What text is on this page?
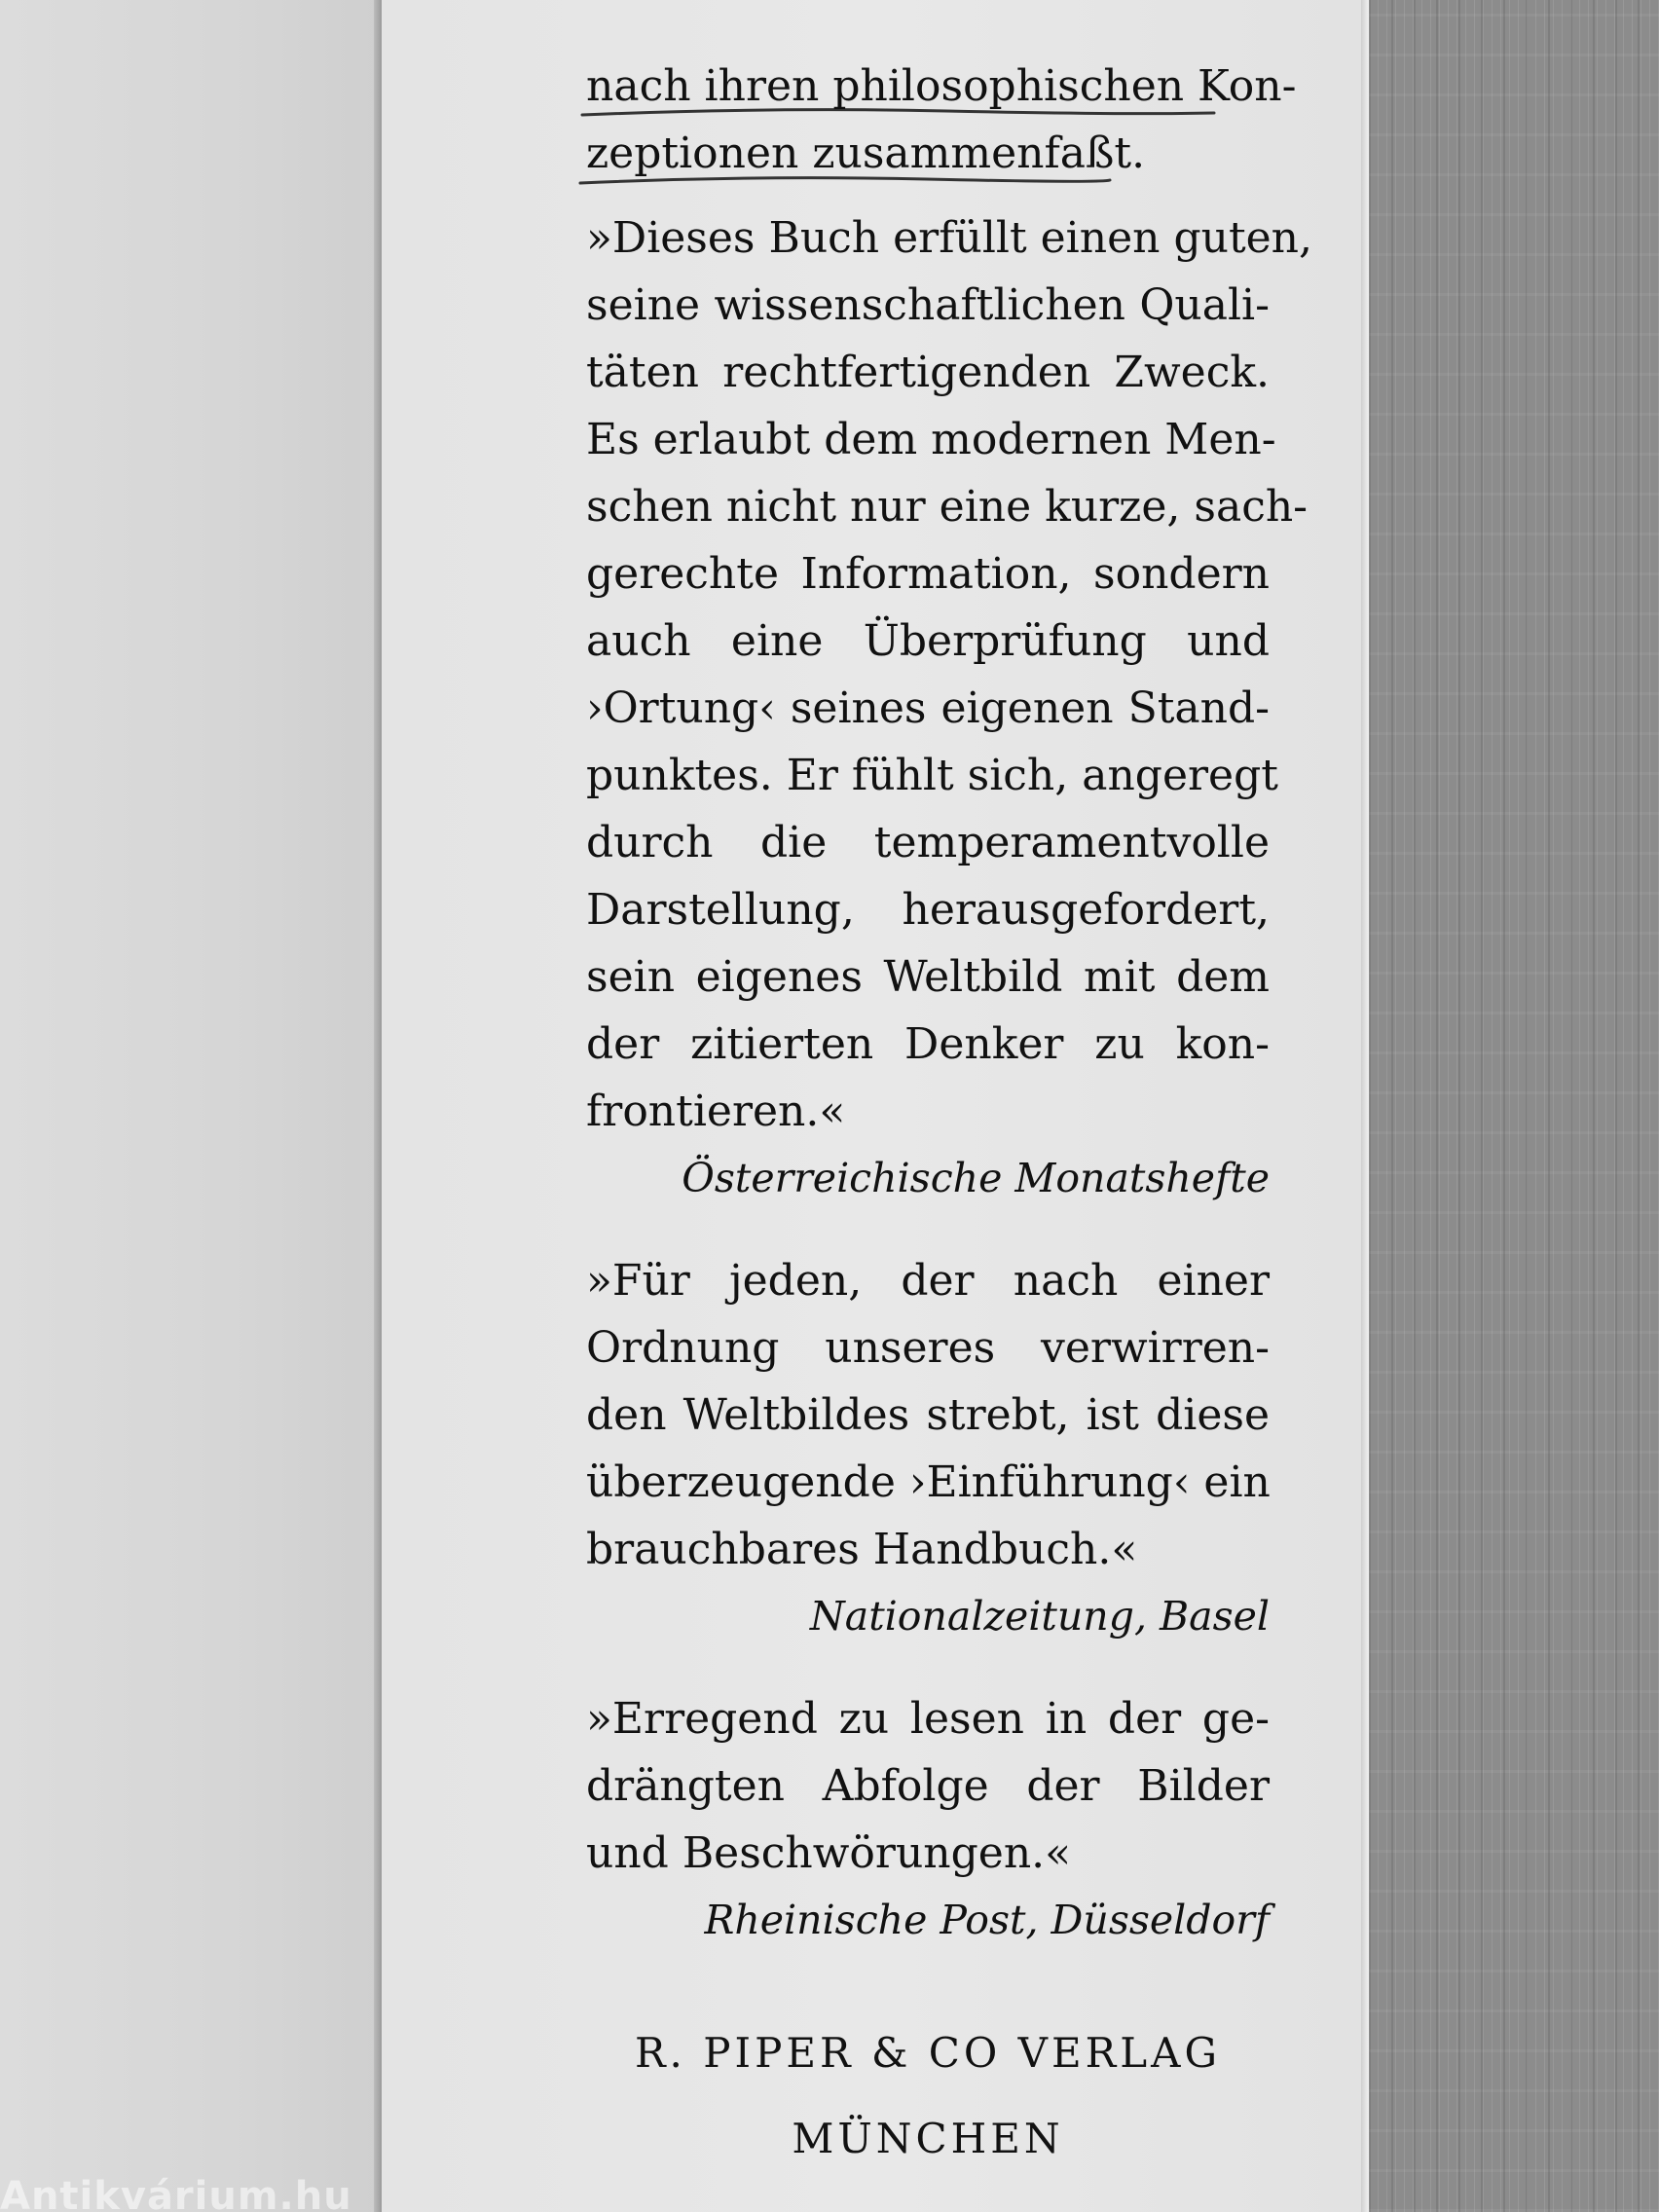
nach ihren philosophischen Kon-
zeptionen zusammenfaßt.
»Dieses Buch erfüllt einen guten,
seine wissenschaftlichen Quali-
täten rechtfertigenden Zweck.
Es erlaubt dem modernen Men-
schen nicht nur eine kurze, sach-
gerechte Information, sondern
auch eine Überprüfung und
›Ortung‹ seines eigenen Stand-
punktes. Er fühlt sich, angeregt
durch die temperamentvolle
Darstellung, herausgefordert,
sein eigenes Weltbild mit dem
der zitierten Denker zu kon-
frontieren.«
Österreichische Monatshefte
»Für jeden, der nach einer
Ordnung unseres verwirren-
den Weltbildes strebt, ist diese
überzeugende ›Einführung‹ ein
brauchbares Handbuch.«
Nationalzeitung, Basel
»Erregend zu lesen in der ge-
drängten Abfolge der Bilder
und Beschwörungen.«
Rheinische Post, Düsseldorf
R. PIPER & CO VERLAG
MÜNCHEN
Antikvárium.hu
